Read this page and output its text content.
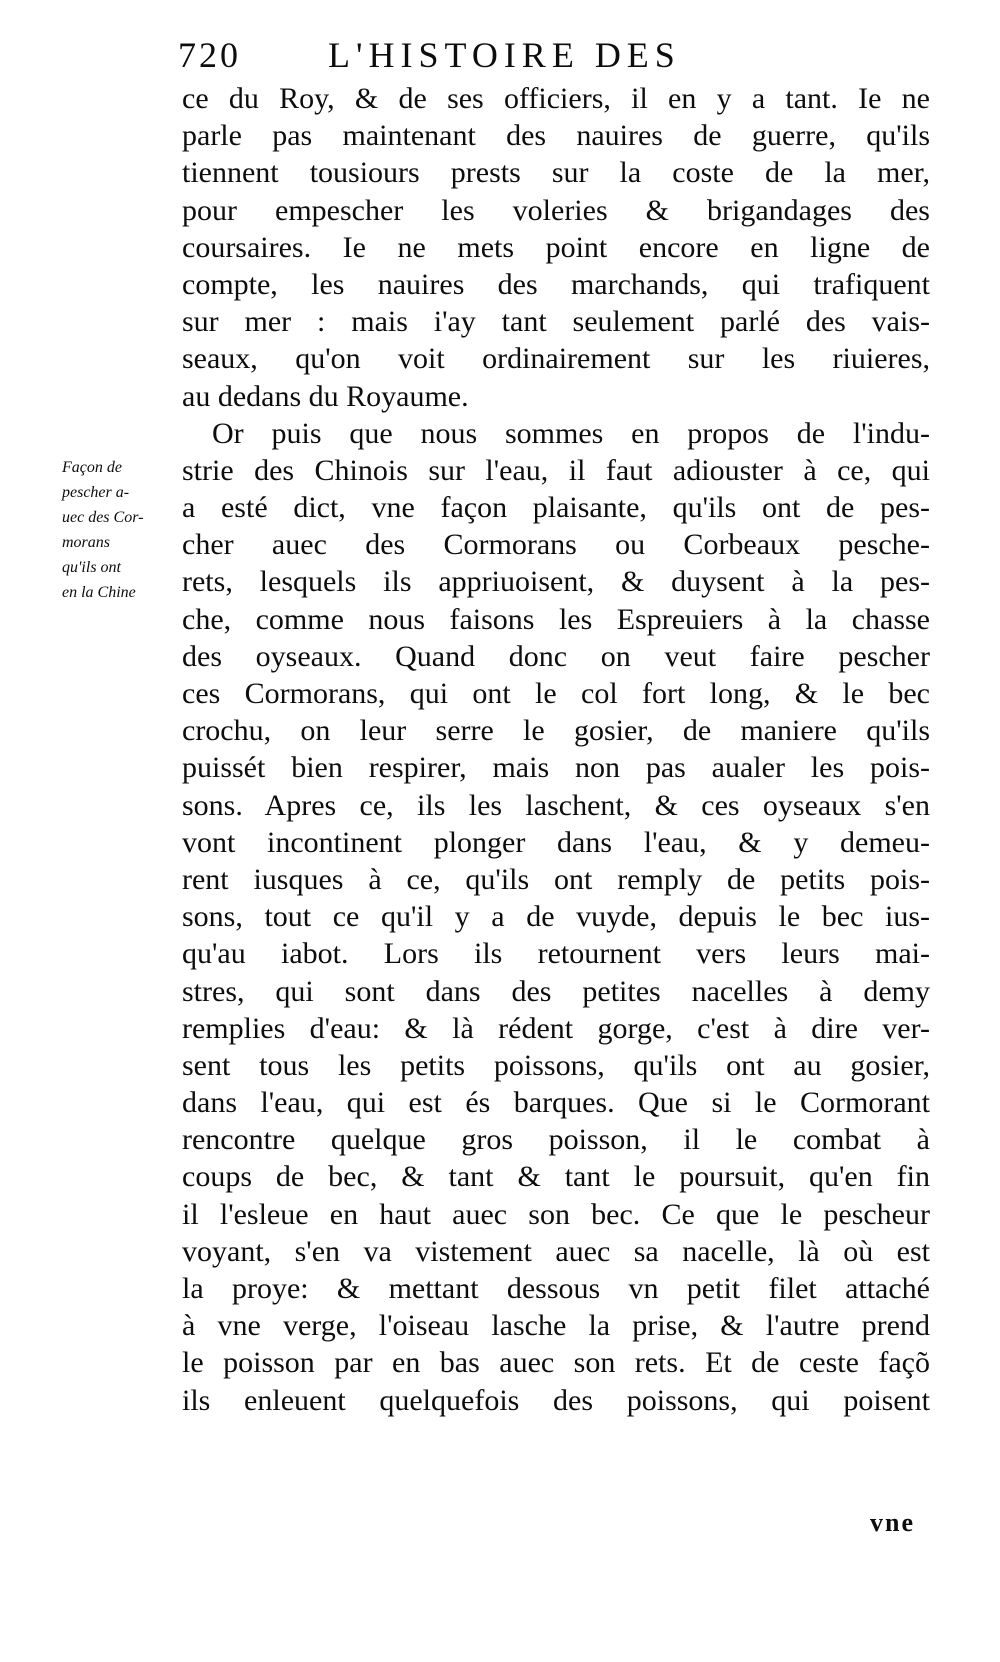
720 L'HISTOIRE DES
Façon de
pescher a-
uec des Cor-
morans
qu'ils ont
en la Chine
ce du Roy, & de ses officiers, il en y a tant. Ie ne
parle pas maintenant des nauires de guerre, qu'ils
tiennent tousiours prests sur la coste de la mer,
pour empescher les voleries & brigandages des
coursaires. Ie ne mets point encore en ligne de
compte, les nauires des marchands, qui trafiquent
sur mer : mais i'ay tant seulement parlé des vais-
seaux, qu'on voit ordinairement sur les riuieres,
au dedans du Royaume.
Or puis que nous sommes en propos de l'indu-
strie des Chinois sur l'eau, il faut adiouster à ce, qui
a esté dict, vne façon plaisante, qu'ils ont de pes-
cher auec des Cormorans ou Corbeaux pesche-
rets, lesquels ils appriuoisent, & duysent à la pes-
che, comme nous faisons les Espreuiers à la chasse
des oyseaux. Quand donc on veut faire pescher
ces Cormorans, qui ont le col fort long, & le bec
crochu, on leur serre le gosier, de maniere qu'ils
puissét bien respirer, mais non pas aualer les pois-
sons. Apres ce, ils les laschent, & ces oyseaux s'en
vont incontinent plonger dans l'eau, & y demeu-
rent iusques à ce, qu'ils ont remply de petits pois-
sons, tout ce qu'il y a de vuyde, depuis le bec ius-
qu'au iabot. Lors ils retournent vers leurs mai-
stres, qui sont dans des petites nacelles à demy
remplies d'eau: & là rédent gorge, c'est à dire ver-
sent tous les petits poissons, qu'ils ont au gosier,
dans l'eau, qui est és barques. Que si le Cormorant
rencontre quelque gros poisson, il le combat à
coups de bec, & tant & tant le poursuit, qu'en fin
il l'esleue en haut auec son bec. Ce que le pescheur
voyant, s'en va vistement auec sa nacelle, là où est
la proye: & mettant dessous vn petit filet attaché
à vne verge, l'oiseau lasche la prise, & l'autre prend
le poisson par en bas auec son rets. Et de ceste façõ
ils enleuent quelquefois des poissons, qui poisent
vne
